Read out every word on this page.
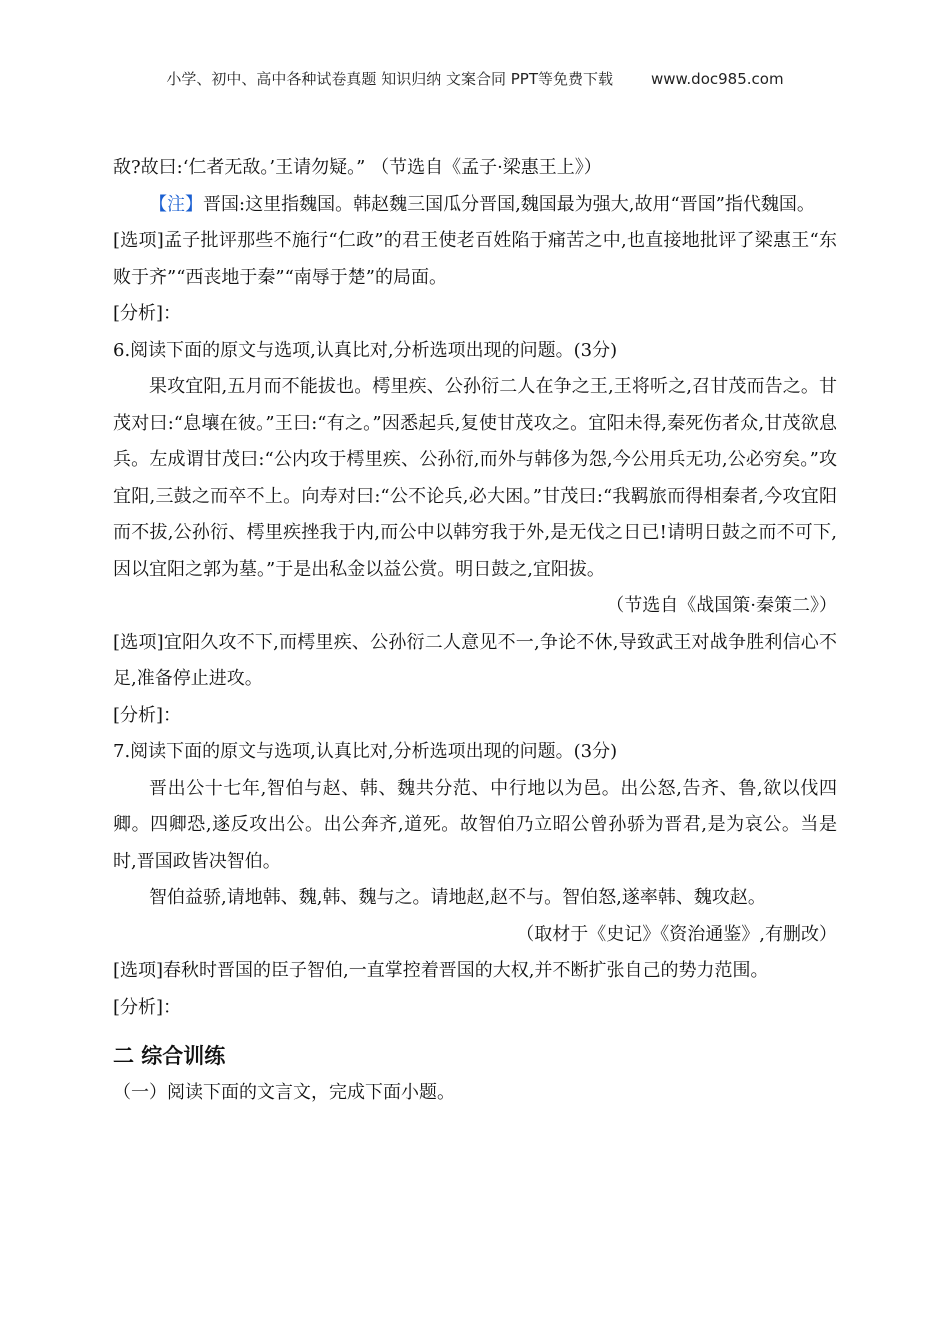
小学、初中、高中各种试卷真题 知识归纳 文案合同 PPT等免费下载	www.doc985.com

敌?故曰:‘仁者无敌。’王请勿疑。” （节选自《孟子·梁惠王上》）

【注】晋国:这里指魏国。韩赵魏三国瓜分晋国,魏国最为强大,故用“晋国”指代魏国。

[选项]孟子批评那些不施行“仁政”的君王使老百姓陷于痛苦之中,也直接地批评了梁惠王“东败于齐”“西丧地于秦”“南辱于楚”的局面。

[分析]：

6.阅读下面的原文与选项,认真比对,分析选项出现的问题。(3分)

果攻宜阳,五月而不能拔也。樗里疾、公孙衍二人在争之王,王将听之,召甘茂而告之。甘茂对曰:“息壤在彼。”王曰:“有之。”因悉起兵,复使甘茂攻之。宜阳未得,秦死伤者众,甘茂欲息兵。左成谓甘茂曰:“公内攻于樗里疾、公孙衍,而外与韩侈为怨,今公用兵无功,公必穷矣。”攻宜阳,三鼓之而卒不上。向寿对曰:“公不论兵,必大困。”甘茂曰:“我羁旅而得相秦者,今攻宜阳而不拔,公孙衍、樗里疾挫我于内,而公中以韩穷我于外,是无伐之日已!请明日鼓之而不可下,因以宜阳之郭为墓。”于是出私金以益公赏。明日鼓之,宜阳拔。

（节选自《战国策·秦策二》）

[选项]宜阳久攻不下,而樗里疾、公孙衍二人意见不一,争论不休,导致武王对战争胜利信心不足,准备停止进攻。

[分析]：

7.阅读下面的原文与选项,认真比对,分析选项出现的问题。(3分)

晋出公十七年,智伯与赵、韩、魏共分范、中行地以为邑。出公怒,告齐、鲁,欲以伐四卿。四卿恐,遂反攻出公。出公奔齐,道死。故智伯乃立昭公曾孙骄为晋君,是为哀公。当是时,晋国政皆决智伯。

智伯益骄,请地韩、魏,韩、魏与之。请地赵,赵不与。智伯怒,遂率韩、魏攻赵。

（取材于《史记》《资治通鉴》,有删改）

[选项]春秋时晋国的臣子智伯,一直掌控着晋国的大权,并不断扩张自己的势力范围。

[分析]：

二 综合训练

（一）阅读下面的文言文，完成下面小题。
